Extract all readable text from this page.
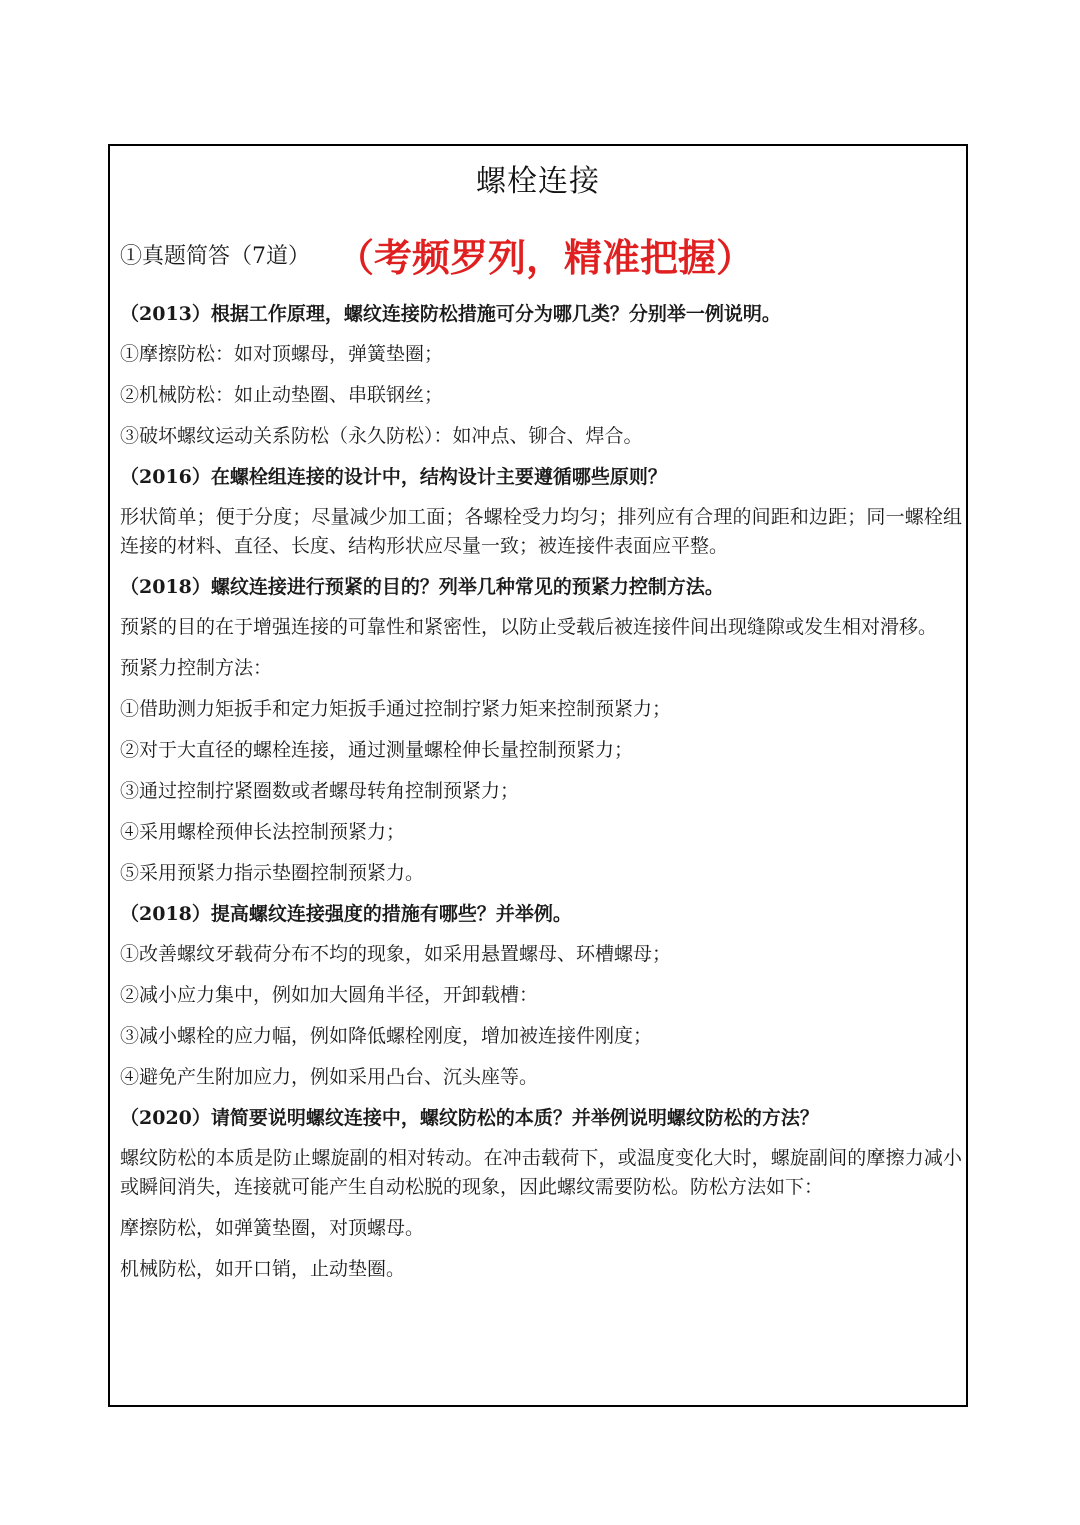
螺栓连接
①真题简答（7道） （考频罗列，精准把握）

（2013）根据工作原理，螺纹连接防松措施可分为哪几类？分别举一例说明。

①摩擦防松：如对顶螺母，弹簧垫圈；

②机械防松：如止动垫圈、串联钢丝；

③破坏螺纹运动关系防松（永久防松）：如冲点、铆合、焊合。

（2016）在螺栓组连接的设计中，结构设计主要遵循哪些原则？

形状简单；便于分度；尽量减少加工面；各螺栓受力均匀；排列应有合理的间距和边距；同一螺栓组连接的材料、直径、长度、结构形状应尽量一致；被连接件表面应平整。

（2018）螺纹连接进行预紧的目的？列举几种常见的预紧力控制方法。

预紧的目的在于增强连接的可靠性和紧密性，以防止受载后被连接件间出现缝隙或发生相对滑移。

预紧力控制方法：

①借助测力矩扳手和定力矩扳手通过控制拧紧力矩来控制预紧力；

②对于大直径的螺栓连接，通过测量螺栓伸长量控制预紧力；

③通过控制拧紧圈数或者螺母转角控制预紧力；

④采用螺栓预伸长法控制预紧力；

⑤采用预紧力指示垫圈控制预紧力。

（2018）提高螺纹连接强度的措施有哪些？并举例。

①改善螺纹牙载荷分布不均的现象，如采用悬置螺母、环槽螺母；

②减小应力集中，例如加大圆角半径，开卸载槽：

③减小螺栓的应力幅，例如降低螺栓刚度，增加被连接件刚度；

④避免产生附加应力，例如采用凸台、沉头座等。

（2020）请简要说明螺纹连接中，螺纹防松的本质？并举例说明螺纹防松的方法？

螺纹防松的本质是防止螺旋副的相对转动。在冲击载荷下，或温度变化大时，螺旋副间的摩擦力减小或瞬间消失，连接就可能产生自动松脱的现象，因此螺纹需要防松。防松方法如下：

摩擦防松，如弹簧垫圈，对顶螺母。

机械防松，如开口销，止动垫圈。
